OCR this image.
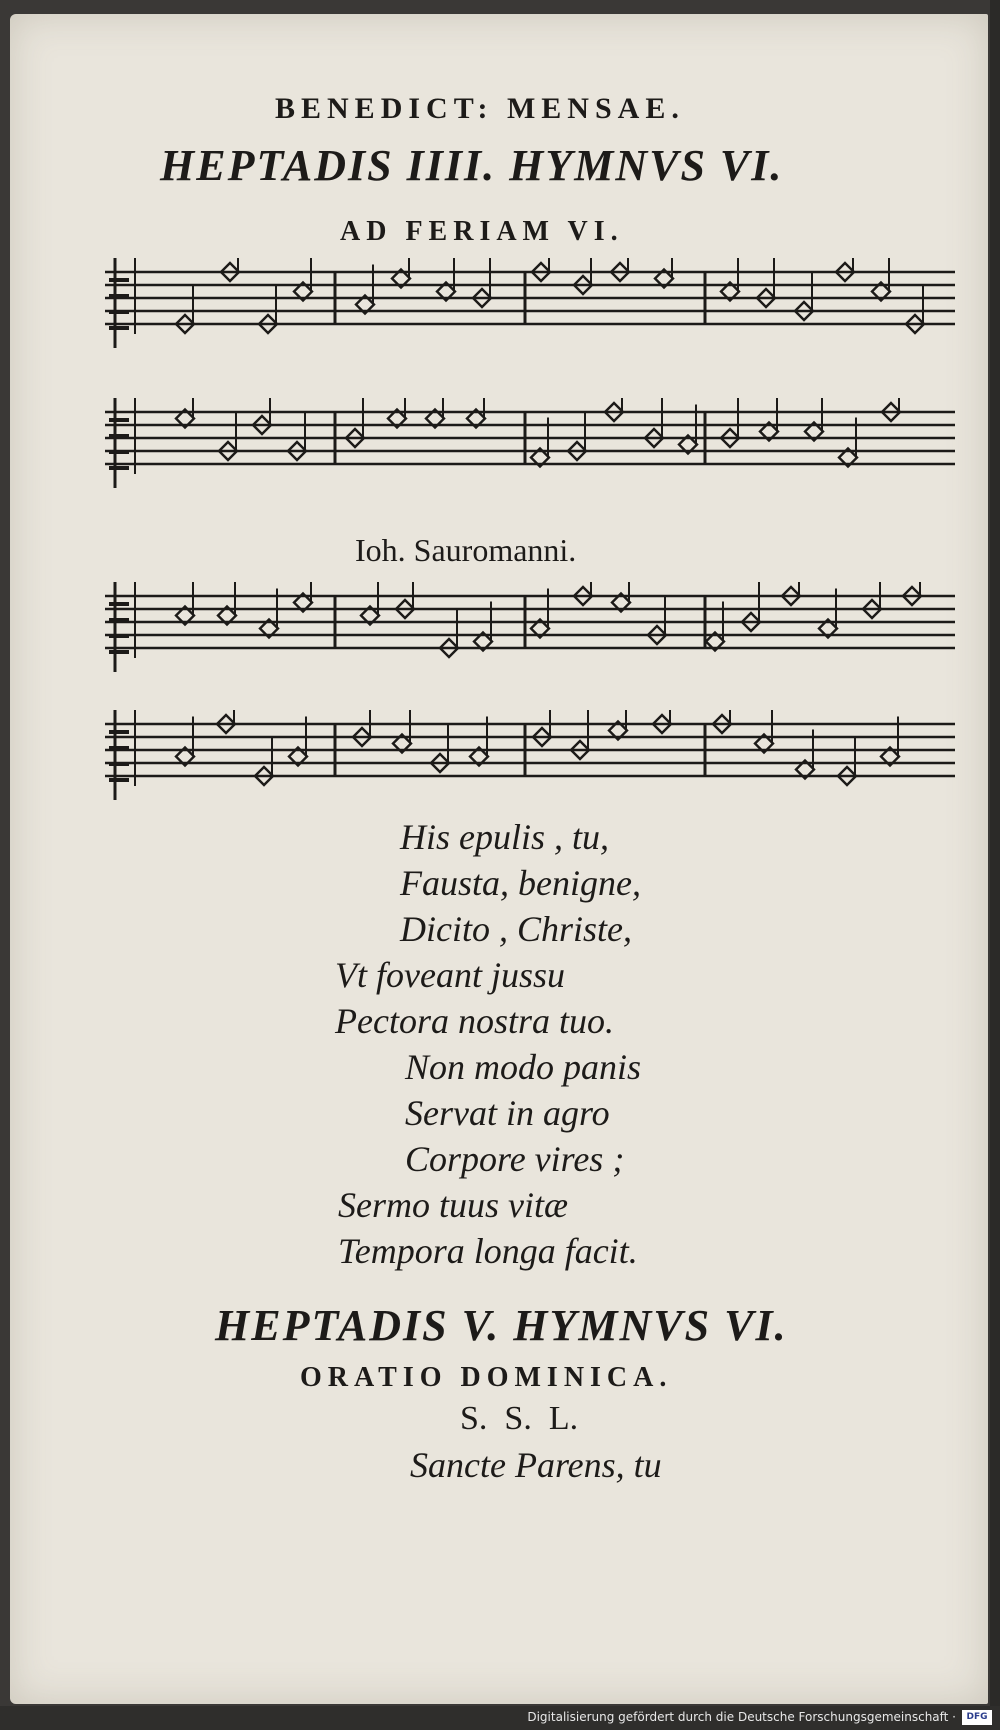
BENEDICT: MENSAE.
HEPTADIS IIII. HYMNVS VI.
AD FERIAM VI.
Ioh. Sauromanni.
His epulis , tu,
Fausta, benigne,
Dicito , Christe,
Vt foveant jussu
Pectora nostra tuo.
Non modo panis
Servat in agro
Corpore vires ;
Sermo tuus vitæ
Tempora longa facit.
HEPTADIS V. HYMNVS VI.
ORATIO DOMINICA.
S.  S.  L.
Sancte Parens, tu
Digitalisierung gefördert durch die Deutsche Forschungsgemeinschaft ·	DFG
